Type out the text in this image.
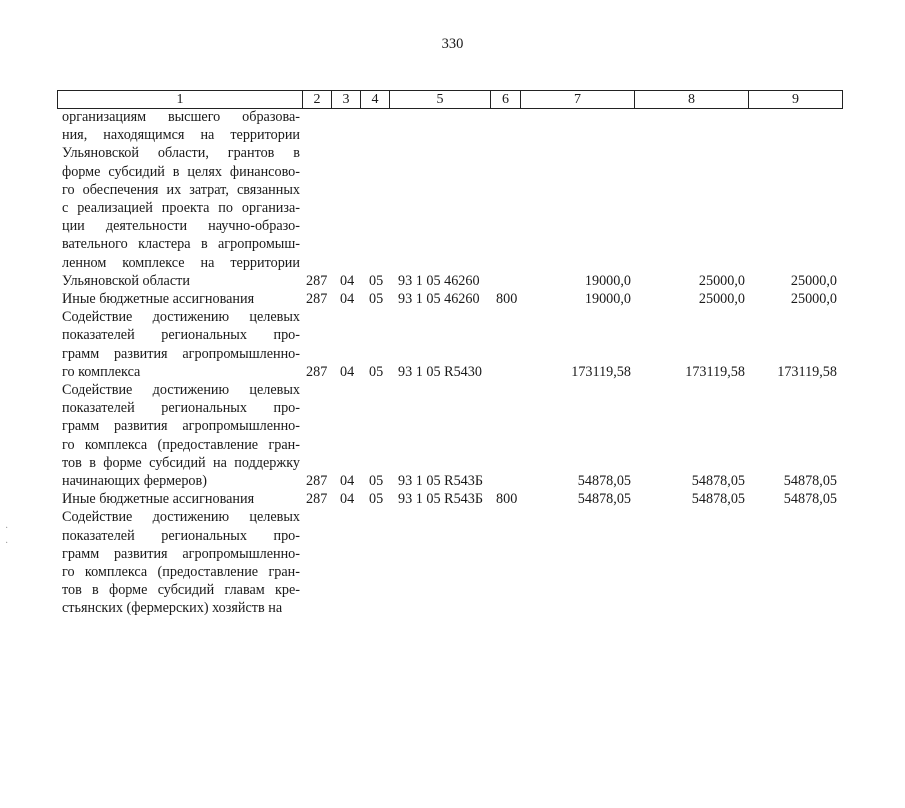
330
1	2	3	4	5	6	7	8	9
организациям высшего образова-
ния, находящимся на территории
Ульяновской области, грантов в
форме субсидий в целях финансово-
го обеспечения их затрат, связанных
с реализацией проекта по организа-
ции деятельности научно-образо-
вательного кластера в агропромыш-
ленном комплексе на территории
Ульяновской области	287 04 05 93 1 05 46260	19000,0	25000,0	25000,0
Иные бюджетные ассигнования	287 04 05 93 1 05 46260 800	19000,0	25000,0	25000,0
Содействие достижению целевых
показателей региональных про-
грамм развития агропромышленно-
го комплекса	287 04 05 93 1 05 R5430	173119,58	173119,58 173119,58
Содействие достижению целевых
показателей региональных про-
грамм развития агропромышленно-
го комплекса (предоставление гран-
тов в форме субсидий на поддержку
начинающих фермеров)	287 04 05 93 1 05 R543Б	54878,05	54878,05	54878,05
Иные бюджетные ассигнования	287 04 05 93 1 05 R543Б 800	54878,05	54878,05	54878,05
Содействие достижению целевых
показателей региональных про-
грамм развития агропромышленно-
го комплекса (предоставление гран-
тов в форме субсидий главам кре-
стьянских (фермерских) хозяйств на
·
·
